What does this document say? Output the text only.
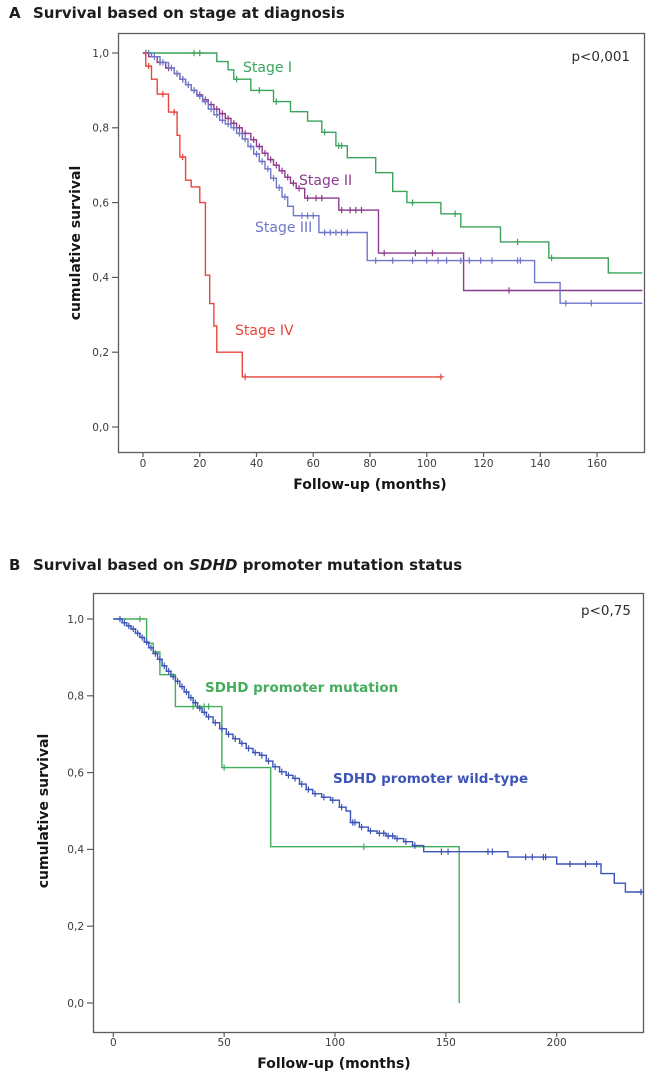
A Survival based on stage at diagnosis
1,0
0,8
0,6
0,4
0,2
0,0
0	20	40	60	80	100	120	140	160
Follow-up (months)
cumulative survival
p<0,001
Stage I
Stage II
Stage III
Stage IV
B Survival based on SDHD promoter mutation status
1,0
0,8
0,6
0,4
0,2
0,0
0	50	100	150	200
Follow-up (months)
cumulative survival
p<0,75
SDHD promoter mutation
SDHD promoter wild-type
